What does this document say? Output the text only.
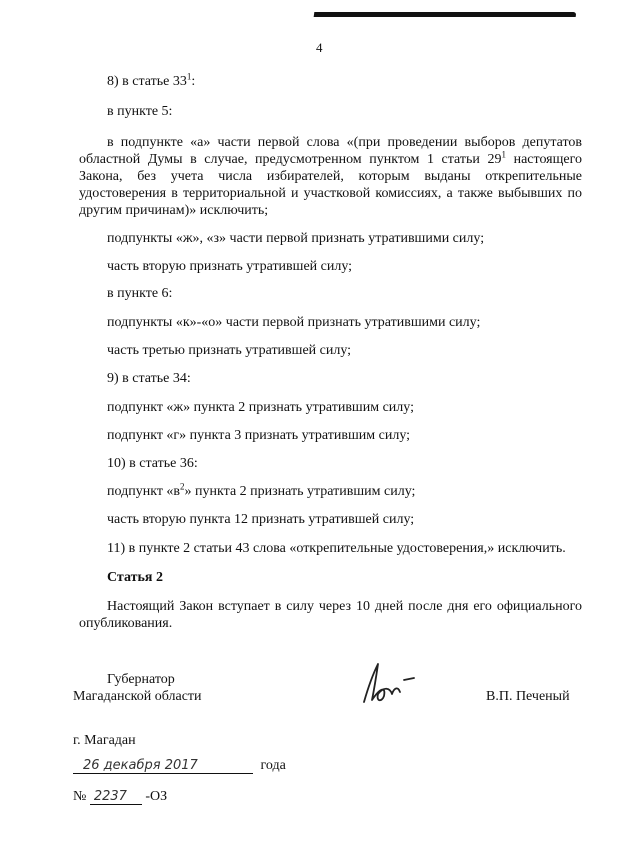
4
8) в статье $33^1$:
в пункте 5:
в подпункте «а» части первой слова «(при проведении выборов депутатов областной Думы в случае, предусмотренном пунктом 1 статьи $29^1$ настоящего Закона, без учета числа избирателей, которым выданы открепительные удостоверения в территориальной и участковой комиссиях, а также выбывших по другим причинам)» исключить;
подпункты «ж», «з» части первой признать утратившими силу;
часть вторую признать утратившей силу;
в пункте 6:
подпункты «к»-«о» части первой признать утратившими силу;
часть третью признать утратившей силу;
9) в статье 34:
подпункт «ж» пункта 2 признать утратившим силу;
подпункт «г» пункта 3 признать утратившим силу;
10) в статье 36:
подпункт «$в^2$» пункта 2 признать утратившим силу;
часть вторую пункта 12 признать утратившей силу;
11) в пункте 2 статьи 43 слова «открепительные удостоверения,» исключить.
Статья 2
Настоящий Закон вступает в силу через 10 дней после дня его официального опубликования.
Губернатор
Магаданской области	В.П. Печеный
г. Магадан
26 декабря 2017	года
№ 2237 -ОЗ
